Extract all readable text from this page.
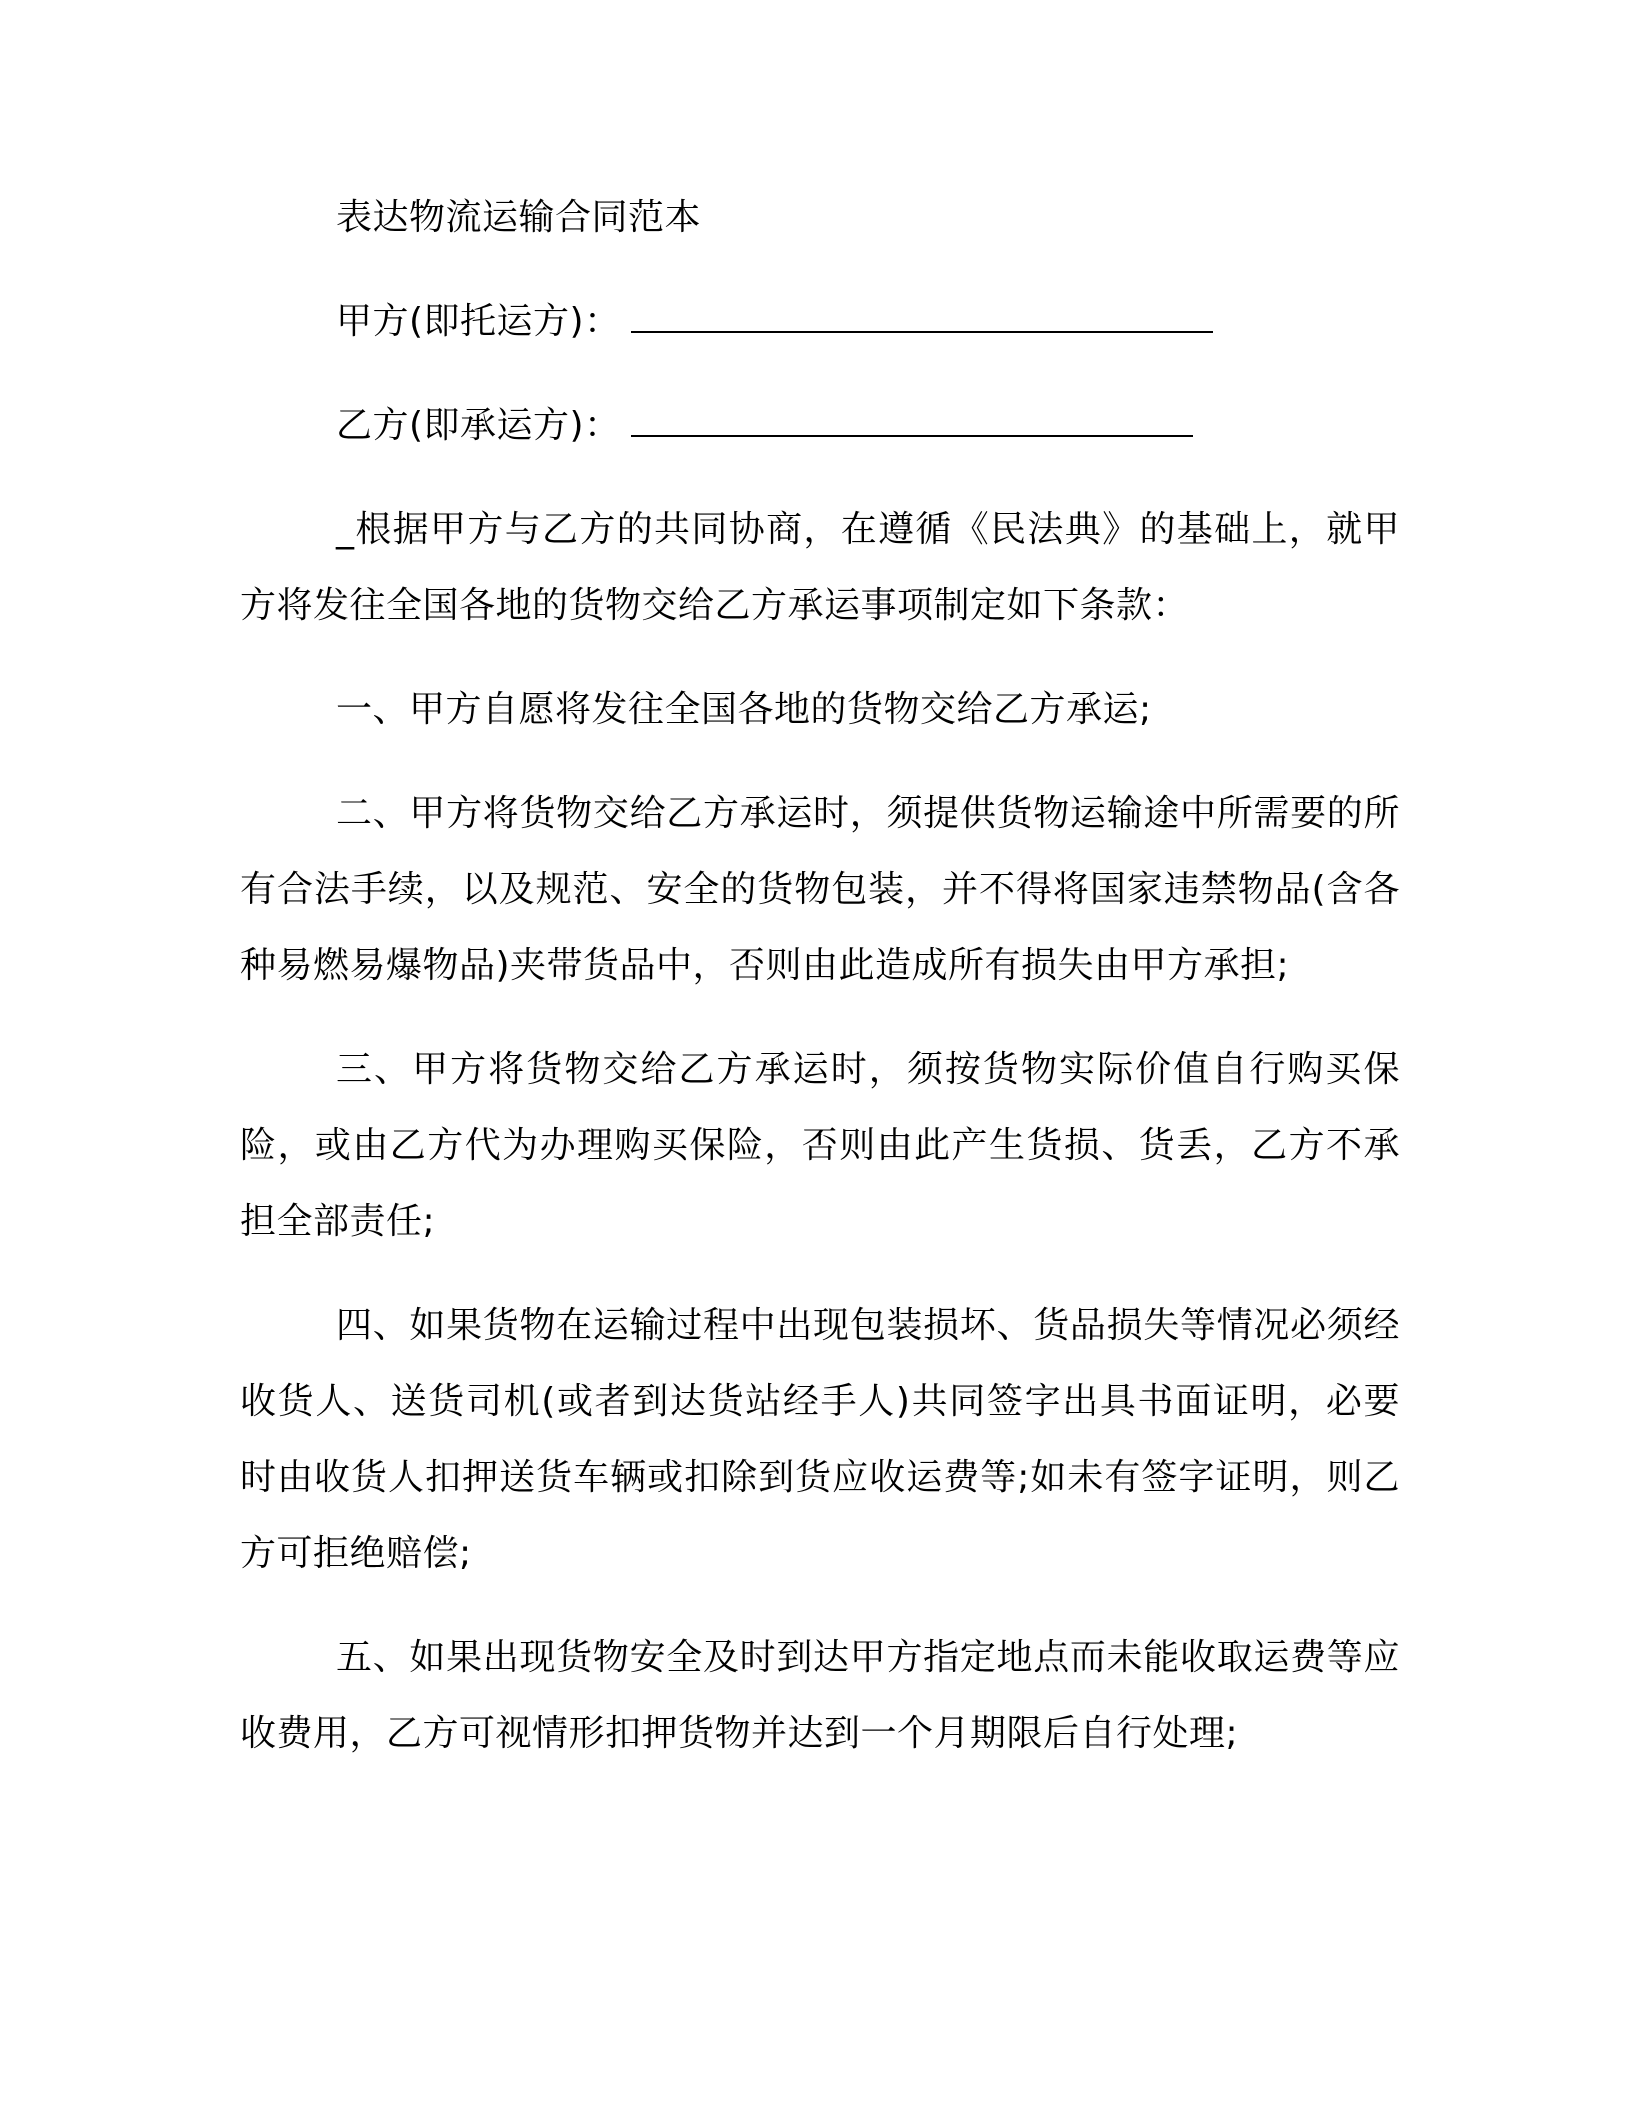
表达物流运输合同范本
甲方(即托运方)：
乙方(即承运方)：

_根据甲方与乙方的共同协商，在遵循《民法典》的基础上，就甲方将发往全国各地的货物交给乙方承运事项制定如下条款：

一、甲方自愿将发往全国各地的货物交给乙方承运;

二、甲方将货物交给乙方承运时，须提供货物运输途中所需要的所有合法手续，以及规范、安全的货物包装，并不得将国家违禁物品(含各种易燃易爆物品)夹带货品中，否则由此造成所有损失由甲方承担;

三、甲方将货物交给乙方承运时，须按货物实际价值自行购买保险，或由乙方代为办理购买保险，否则由此产生货损、货丢，乙方不承担全部责任;

四、如果货物在运输过程中出现包装损坏、货品损失等情况必须经收货人、送货司机(或者到达货站经手人)共同签字出具书面证明，必要时由收货人扣押送货车辆或扣除到货应收运费等;如未有签字证明，则乙方可拒绝赔偿;

五、如果出现货物安全及时到达甲方指定地点而未能收取运费等应收费用，乙方可视情形扣押货物并达到一个月期限后自行处理;
